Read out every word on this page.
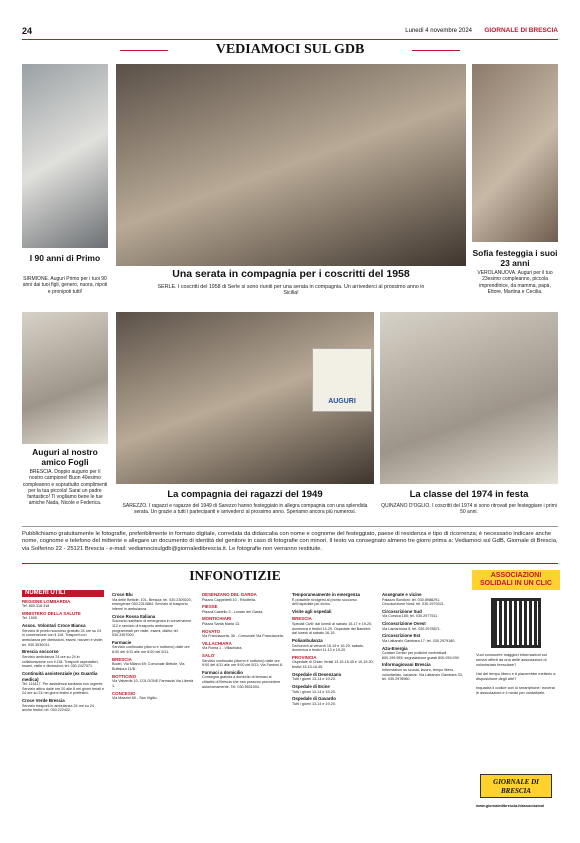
24	Lunedì 4 novembre 2024 GIORNALE DI BRESCIA
VEDIAMOCI SUL GDB
I 90 anni di Primo
SIRMIONE. Auguri Primo per i tuoi 90 anni dai tuoi figli, genero, nuora, nipoti e pronipoti tutti!
Una serata in compagnia per i coscritti del 1958
SERLE. I coscritti del 1958 di Serle si sono riuniti per una serata in compagnia. Un arrivederci al prossimo anno in Sicilia!
Sofia festeggia i suoi 23 anni
VEROLANUOVA. Auguri per il tuo 23esimo compleanno, piccola imprenditrice, da mamma, papà, Ettore, Martina e Cecilia.
Auguri al nostro amico Fogli
BRESCIA. Doppio augurio per il nostro campione! Buon 40esimo compleanno e soprattutto complimenti per la tua piccola! Sarai un padre fantastico! Ti vogliamo bene le tue amiche Nada, Nicole e Federica.
AUGURI
La compagnia dei ragazzi del 1949
SAREZZO. I ragazzi e ragazze del 1949 di Sarezzo hanno festeggiato in allegra compagnia con una splendida serata. Un grazie a tutti i partecipanti e arrivederci al prossimo anno. Speriamo ancora più numerosi.
La classe del 1974 in festa
QUINZANO D'OGLIO. I coscritti del 1974 si sono ritrovati per festeggiare i primi 50 anni.
Pubblichiamo gratuitamente le fotografie, preferibilmente in formato digitale, corredata da didascalia con nome e cognome del festeggiato, paese di residenza e tipo di ricorrenza; è necessario indicare anche nome, cognome e telefono del mittente e allegare un documento di identità del genitore in caso di fotografie con minori. Il testo va consegnato almeno tre giorni prima a: Vediamoci sul GdB, Giornale di Brescia, via Solferino 22 - 25121 Brescia - e-mail: vediamocisulgdb@giornaledibrescia.it. Le fotografie non verranno restituite.
INFONOTIZIE
NUMERI UTILI
REGIONE LOMBARDIA

Tel. 800.318.318

MINISTERO DELLA SALUTE

Tel. 1500

Assoc. Volontari Croce Bianca

Servizio di pronto soccorso gratuito 24 ore su 24 in convenzione con il 118. Trasporti con ambulanza per dimissioni, esami, ricoveri e visite; tel. 030.3530011.

Brescia soccorso

Servizio ambulanza 24 ore su 24 in collaborazione con il 118. Trasporti ospedalieri, esami, visite e dimissioni; tel. 030.2427071.

Continuità assistenziale (ex Guardia medica)

Tel. 116117. Per assistenza sanitaria non urgente. Servizio attivo dalle ore 20 alle 8 nei giorni feriali e 24 ore su 24 nei giorni festivi e prefestivi.

Croce Verde Brescia

Servizio trasporti in ambulanza 24 ore su 24 anche festivi; tel. 030.222432.

Croce Blu

Via delle Bettole, 101, Brescia; tel. 030.2309220, emergenze 030.2310884. Servizio di trasporto infermi in ambulanza.

Croce Rossa Italiana

Soccorso sanitario di emergenza in convenzione 112 e servizio di trasporto ambulanze programmati per visite, esami, dialisi; tel. 030.3397000.

Farmacie

Servizio continuato (diurno e notturno) dalle ore 8:00 del 4/11 alle ore 8:00 del 5/11.

BRESCIA

Bodei, Via Milano 69; Comunale Bettole, Via Buffalora 11/B.

BOTTICINO

Via Valverde 10. COLOGNE Farmacia Via Libertà 1.

CONCESIO

Via Mazzini 60 - San Vigilio.

DESENZANO DEL GARDA

Piazza Cappelletti 10 - Rivoltella.

FIESSE

Piazza Castello 3 - Lonato del Garda.

MONTICHIARI

Piazza Santa Maria 13.

ROVATO

Via Franciacorta, 36 - Comunale Via Franciacorta.

VILLACHIARA

Via Roma 1 - Villachiara.

SALO'

Servizio continuato (diurno e notturno) dalle ore 9:00 del 4/11 alle ore 9:00 del 5/11: Via Fantoni 8.

Farmaci a domicilio

Consegna gratuita a domicilio di farmaci ai cittadini di Brescia che non possono provvedere autonomamente. Tel. 030.5531004.

Temporaneamente in emergenza

È possibile rivolgersi al pronto soccorso dell'ospedale più vicino.

Visite agli ospedali

BRESCIA

Spedali Civili: dal lunedì al sabato 15-17 e 19-20, domenica e festivi 14-20. Ospedale dei Bambini: dal lunedì al sabato 16-19.

Poliambulanza

Dal lunedì al venerdì 15-19 e 19-20; sabato, domenica e festivi 11-13 e 15-20.

PROVINCIA

Ospedale di Chiari: feriali 13.15-15.45 e 19-19.30; festivi 15.15-16.45.

Ospedale di Desenzano

Tutti i giorni 13-14 e 19-20.

Ospedale di Esine

Tutti i giorni 13-14 e 19-20.

Ospedale di Gavardo

Tutti i giorni 13-14 e 19-20.

Assegnate e vicine

Palazzo Bondoni: tel. 030.8988291. Circoscrizione Nord: tel. 030.2979321.

Circoscrizione Sud

Via Corsica 165; tel. 030.2977511.

Circoscrizione Ovest

Via Lamarmora 5; tel. 030.2978871.

Circoscrizione Est

Via Lattanzio Gambara 17; tel. 030.2979180.

A2a-Energia

Contact Center per pratiche contrattuali 800.199.955; segnalazione guasti 800.939.939.

Informagiovani Brescia

Informazioni su scuola, lavoro, tempo libero, volontariato, vacanze. Via Lattanzio Gambara 33; tel. 030.2978960.

ASSOCIAZIONI SOLIDALI IN UN CLIC
Vuoi conoscere maggiori informazioni sui servizi offerti da una delle associazioni di volontariato bresciane?
Hai del tempo libero e ti piacerebbe metterlo a disposizione degli altri?
Inquadra il codice con lo smartphone: troverai le associazioni e il modo per contattarle.
GIORNALE DI BRESCIA
www.giornaledibrescia.it/associazioni
